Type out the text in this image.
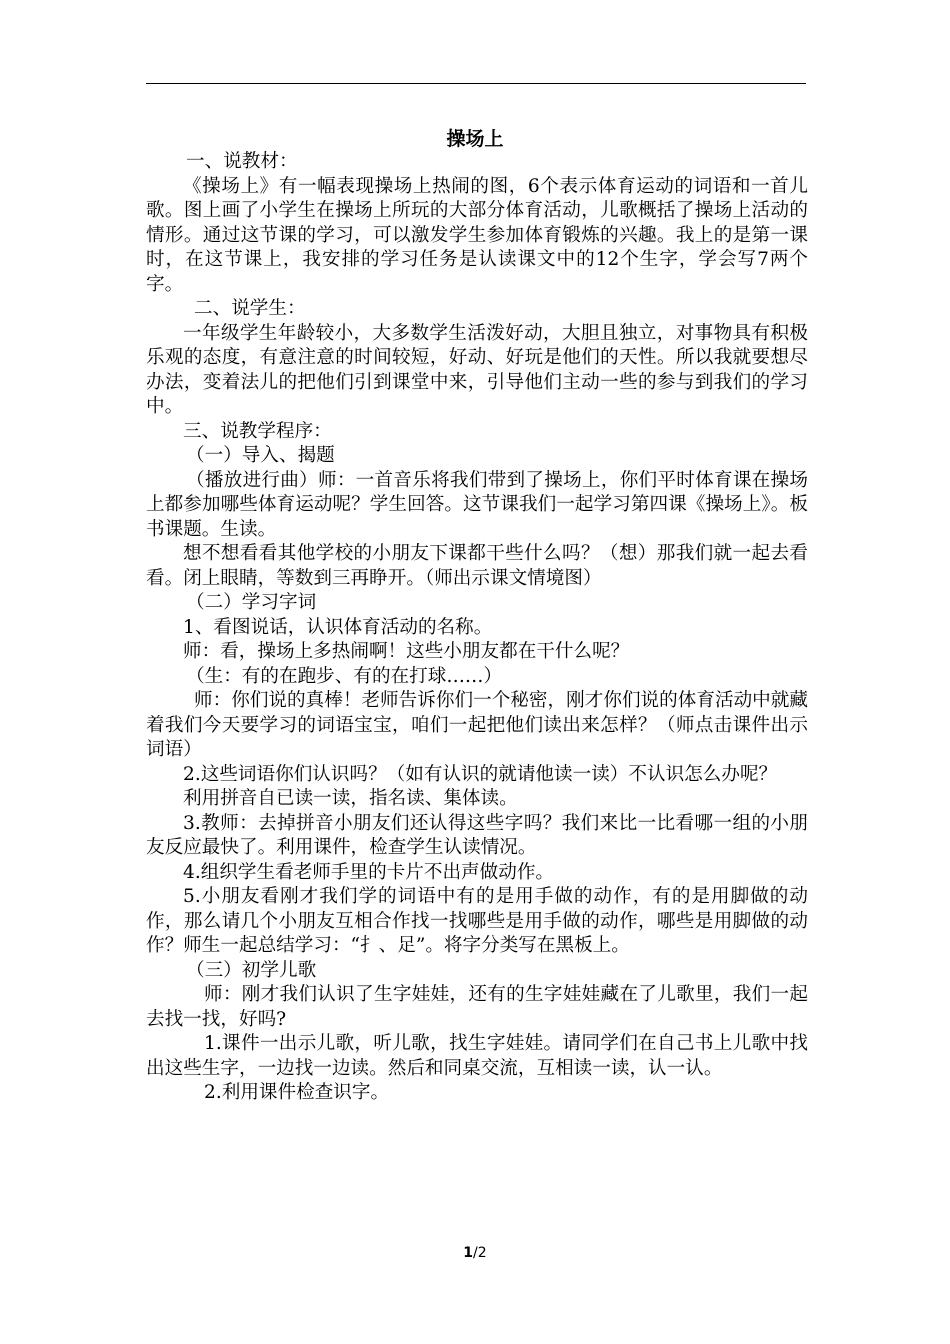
操场上

一、说教材：

《操场上》有一幅表现操场上热闹的图，6个表示体育运动的词语和一首儿歌。图上画了小学生在操场上所玩的大部分体育活动，儿歌概括了操场上活动的情形。通过这节课的学习，可以激发学生参加体育锻炼的兴趣。我上的是第一课时，在这节课上，我安排的学习任务是认读课文中的12个生字，学会写7两个字。

二、说学生：

一年级学生年龄较小，大多数学生活泼好动，大胆且独立，对事物具有积极乐观的态度，有意注意的时间较短，好动、好玩是他们的天性。所以我就要想尽办法，变着法儿的把他们引到课堂中来，引导他们主动一些的参与到我们的学习中。

三、说教学程序：

（一）导入、揭题

（播放进行曲）师：一首音乐将我们带到了操场上，你们平时体育课在操场上都参加哪些体育运动呢？学生回答。这节课我们一起学习第四课《操场上》。板书课题。生读。

想不想看看其他学校的小朋友下课都干些什么吗？（想）那我们就一起去看看。闭上眼睛，等数到三再睁开。（师出示课文情境图）

（二）学习字词

1、看图说话，认识体育活动的名称。

师：看，操场上多热闹啊！这些小朋友都在干什么呢？

（生：有的在跑步、有的在打球……）

师：你们说的真棒！老师告诉你们一个秘密，刚才你们说的体育活动中就藏着我们今天要学习的词语宝宝，咱们一起把他们读出来怎样？（师点击课件出示词语）

2.这些词语你们认识吗？（如有认识的就请他读一读）不认识怎么办呢？

利用拼音自已读一读，指名读、集体读。

3.教师：去掉拼音小朋友们还认得这些字吗？我们来比一比看哪一组的小朋友反应最快了。利用课件，检查学生认读情况。

4.组织学生看老师手里的卡片不出声做动作。

5.小朋友看刚才我们学的词语中有的是用手做的动作，有的是用脚做的动作，那么请几个小朋友互相合作找一找哪些是用手做的动作，哪些是用脚做的动作？师生一起总结学习：“扌、足”。将字分类写在黑板上。

（三）初学儿歌

师：刚才我们认识了生字娃娃，还有的生字娃娃藏在了儿歌里，我们一起去找一找，好吗?

1.课件一出示儿歌，听儿歌，找生字娃娃。请同学们在自己书上儿歌中找出这些生字，一边找一边读。然后和同桌交流，互相读一读，认一认。

2.利用课件检查识字。

1/2
